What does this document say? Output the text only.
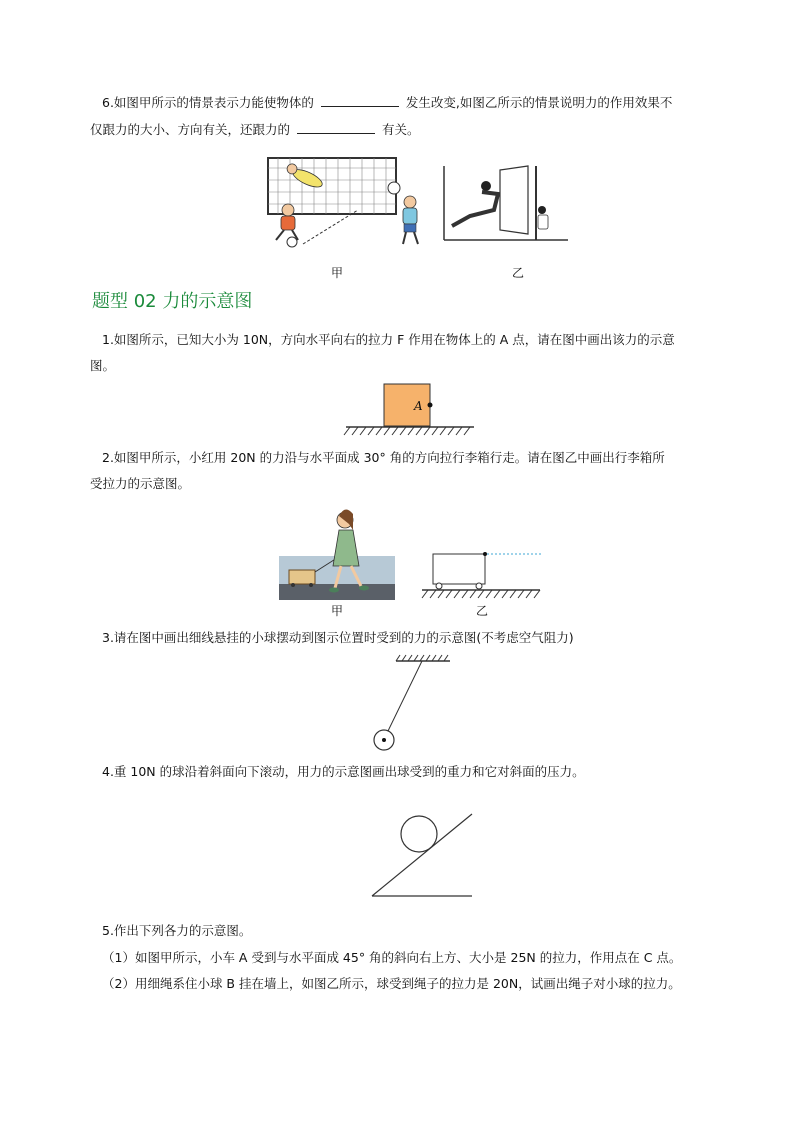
6.如图甲所示的情景表示力能使物体的	发生改变,如图乙所示的情景说明力的作用效果不
仅跟力的大小、方向有关，还跟力的	有关。
甲	乙
题型 02 力的示意图
1.如图所示，已知大小为 10N，方向水平向右的拉力 F 作用在物体上的 A 点，请在图中画出该力的示意
图。
A
2.如图甲所示，小红用 20N 的力沿与水平面成 30° 角的方向拉行李箱行走。请在图乙中画出行李箱所
受拉力的示意图。
甲	乙
3.请在图中画出细线悬挂的小球摆动到图示位置时受到的力的示意图(不考虑空气阻力)
4.重 10N 的球沿着斜面向下滚动，用力的示意图画出球受到的重力和它对斜面的压力。
5.作出下列各力的示意图。
（1）如图甲所示，小车 A 受到与水平面成 45° 角的斜向右上方、大小是 25N 的拉力，作用点在 C 点。
（2）用细绳系住小球 B 挂在墙上，如图乙所示，球受到绳子的拉力是 20N，试画出绳子对小球的拉力。
